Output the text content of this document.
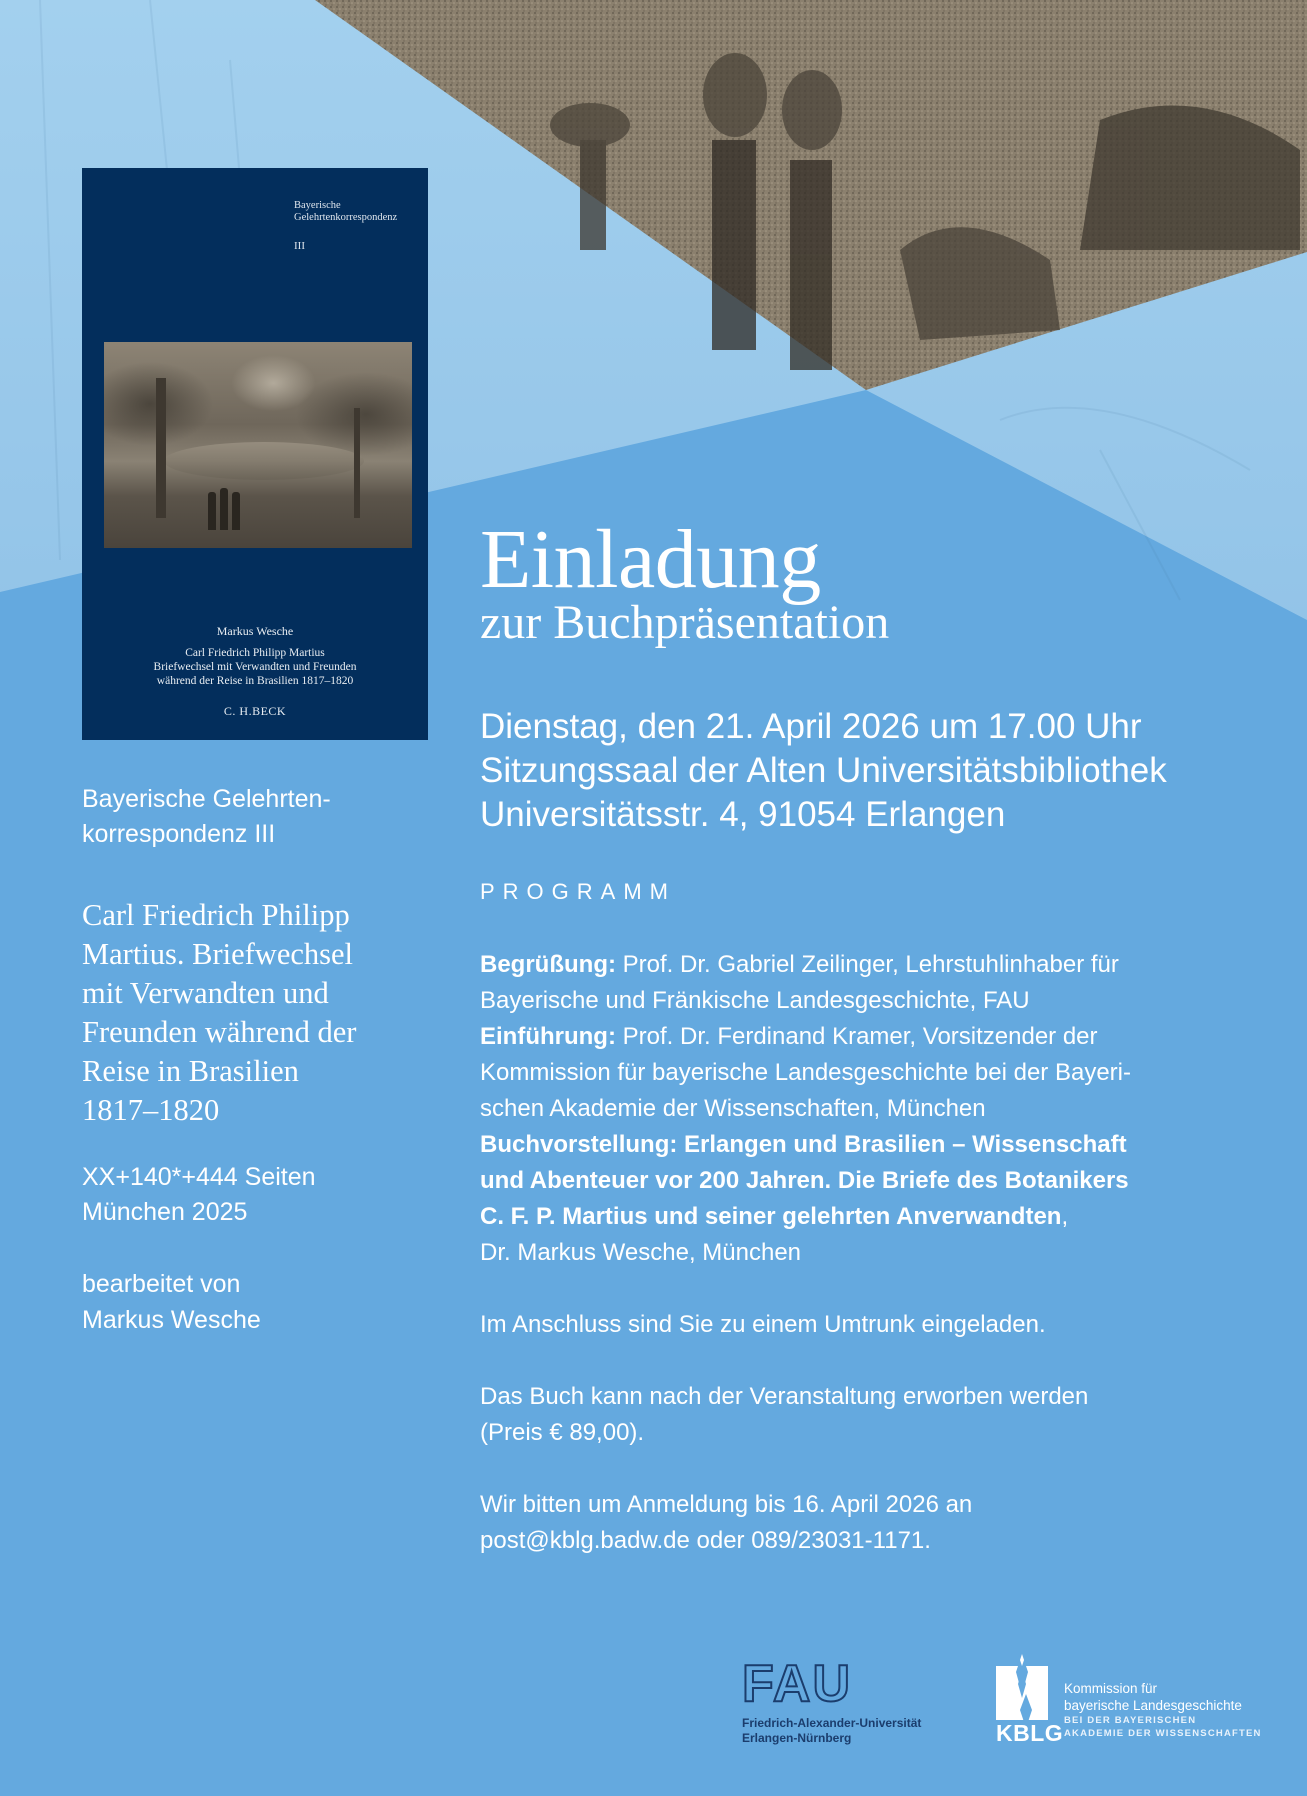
Bayerische Gelehrtenkorrespondenz
III
Markus Wesche
Carl Friedrich Philipp Martius
Briefwechsel mit Verwandten und Freunden
während der Reise in Brasilien 1817–1820
C. H.BECK
Bayerische Gelehrten-
korrespondenz III
Carl Friedrich Philipp
Martius. Briefwechsel
mit Verwandten und
Freunden während der
Reise in Brasilien
1817–1820
XX+140*+444 Seiten
München 2025
bearbeitet von
Markus Wesche
Einladung
zur Buchpräsentation
Dienstag, den 21. April 2026 um 17.00 Uhr
Sitzungssaal der Alten Universitätsbibliothek
Universitätsstr. 4, 91054 Erlangen
PROGRAMM
Begrüßung: Prof. Dr. Gabriel Zeilinger, Lehrstuhlinhaber für
Bayerische und Fränkische Landesgeschichte, FAU
Einführung: Prof. Dr. Ferdinand Kramer, Vorsitzender der
Kommission für bayerische Landesgeschichte bei der Bayeri-
schen Akademie der Wissenschaften, München
Buchvorstellung: Erlangen und Brasilien – Wissenschaft
und Abenteuer vor 200 Jahren. Die Briefe des Botanikers
C. F. P. Martius und seiner gelehrten Anverwandten,
Dr. Markus Wesche, München
Im Anschluss sind Sie zu einem Umtrunk eingeladen.
Das Buch kann nach der Veranstaltung erworben werden
(Preis € 89,00).
Wir bitten um Anmeldung bis 16. April 2026 an
post@kblg.badw.de oder 089/23031-1171.
FAU
Friedrich-Alexander-Universität
Erlangen-Nürnberg	KBLG
Kommission für
bayerische Landesgeschichte
BEI DER BAYERISCHEN
AKADEMIE DER WISSENSCHAFTEN
